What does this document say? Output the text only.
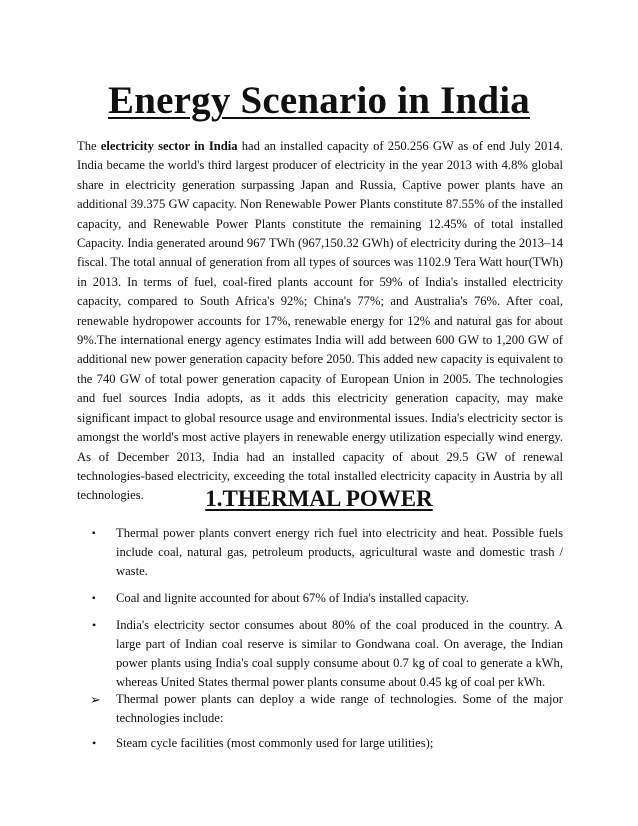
Energy Scenario in India

The electricity sector in India had an installed capacity of 250.256 GW as of end July 2014. India became the world's third largest producer of electricity in the year 2013 with 4.8% global share in electricity generation surpassing Japan and Russia, Captive power plants have an additional 39.375 GW capacity. Non Renewable Power Plants constitute 87.55% of the installed capacity, and Renewable Power Plants constitute the remaining 12.45% of total installed Capacity. India generated around 967 TWh (967,150.32 GWh) of electricity during the 2013–14 fiscal. The total annual of generation from all types of sources was 1102.9 Tera Watt hour(TWh) in 2013. In terms of fuel, coal-fired plants account for 59% of India's installed electricity capacity, compared to South Africa's 92%; China's 77%; and Australia's 76%. After coal, renewable hydropower accounts for 17%, renewable energy for 12% and natural gas for about 9%.The international energy agency estimates India will add between 600 GW to 1,200 GW of additional new power generation capacity before 2050. This added new capacity is equivalent to the 740 GW of total power generation capacity of European Union in 2005. The technologies and fuel sources India adopts, as it adds this electricity generation capacity, may make significant impact to global resource usage and environmental issues. India's electricity sector is amongst the world's most active players in renewable energy utilization especially wind energy. As of December 2013, India had an installed capacity of about 29.5 GW of renewal technologies-based electricity, exceeding the total installed electricity capacity in Austria by all technologies.	1.THERMAL POWER
▪	Thermal power plants convert energy rich fuel into electricity and heat. Possible fuels include coal, natural gas, petroleum products, agricultural waste and domestic trash / waste.
▪	Coal and lignite accounted for about 67% of India's installed capacity.
•	India's electricity sector consumes about 80% of the coal produced in the country. A large part of Indian coal reserve is similar to Gondwana coal. On average, the Indian power plants using India's coal supply consume about 0.7 kg of coal to generate a kWh, whereas United States thermal power plants consume about 0.45 kg of coal per kWh.
➢	Thermal power plants can deploy a wide range of technologies. Some of the major technologies include:
•	Steam cycle facilities (most commonly used for large utilities);
